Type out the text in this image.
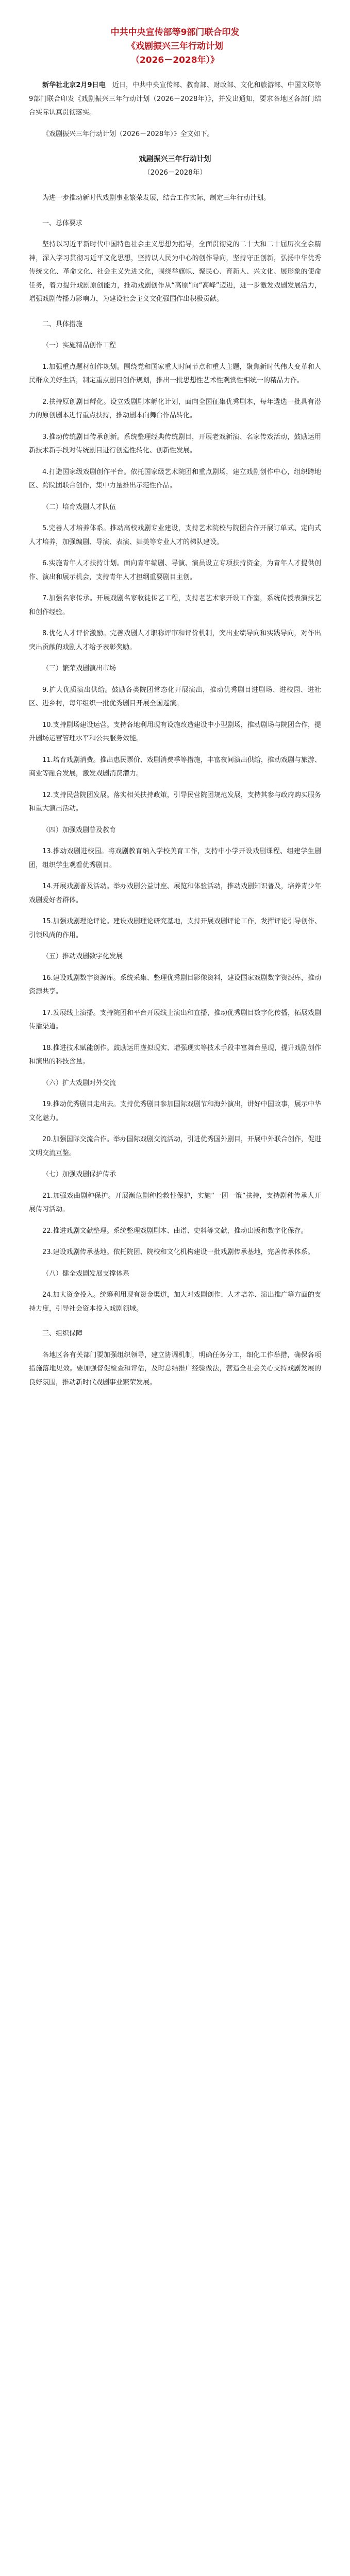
中共中央宣传部等9部门联合印发
《戏剧振兴三年行动计划
（2026－2028年）》

新华社北京2月9日电　 近日，中共中央宣传部、教育部、财政部、文化和旅游部、中国文联等9部门联合印发《戏剧振兴三年行动计划（2026－2028年）》，并发出通知，要求各地区各部门结合实际认真贯彻落实。

《戏剧振兴三年行动计划（2026－2028年）》全文如下。

戏剧振兴三年行动计划

（2026－2028年）

为进一步推动新时代戏剧事业繁荣发展，结合工作实际，制定三年行动计划。

一、总体要求

坚持以习近平新时代中国特色社会主义思想为指导，全面贯彻党的二十大和二十届历次全会精神，深入学习贯彻习近平文化思想，坚持以人民为中心的创作导向，坚持守正创新，弘扬中华优秀传统文化、革命文化、社会主义先进文化，围绕举旗帜、聚民心、育新人、兴文化、展形象的使命任务，着力提升戏剧原创能力，推动戏剧创作从“高原”向“高峰”迈进，进一步激发戏剧发展活力，增强戏剧传播力影响力，为建设社会主义文化强国作出积极贡献。

二、具体措施

（一）实施精品创作工程

1.加强重点题材创作规划。围绕党和国家重大时间节点和重大主题，聚焦新时代伟大变革和人民群众美好生活，制定重点剧目创作规划，推出一批思想性艺术性观赏性相统一的精品力作。

2.扶持原创剧目孵化。设立戏剧剧本孵化计划，面向全国征集优秀剧本，每年遴选一批具有潜力的原创剧本进行重点扶持，推动剧本向舞台作品转化。

3.推动传统剧目传承创新。系统整理经典传统剧目，开展老戏新演、名家传戏活动，鼓励运用新技术新手段对传统剧目进行创造性转化、创新性发展。

4.打造国家级戏剧创作平台。依托国家级艺术院团和重点剧场，建立戏剧创作中心，组织跨地区、跨院团联合创作，集中力量推出示范性作品。

（二）培育戏剧人才队伍

5.完善人才培养体系。推动高校戏剧专业建设，支持艺术院校与院团合作开展订单式、定向式人才培养，加强编剧、导演、表演、舞美等专业人才的梯队建设。

6.实施青年人才扶持计划。面向青年编剧、导演、演员设立专项扶持资金，为青年人才提供创作、演出和展示机会，支持青年人才担纲重要剧目主创。

7.加强名家传承。开展戏剧名家收徒传艺工程，支持老艺术家开设工作室，系统传授表演技艺和创作经验。

8.优化人才评价激励。完善戏剧人才职称评审和评价机制，突出业绩导向和实践导向，对作出突出贡献的戏剧人才给予表彰奖励。

（三）繁荣戏剧演出市场

9.扩大优质演出供给。鼓励各类院团常态化开展演出，推动优秀剧目进剧场、进校园、进社区、进乡村，每年组织一批优秀剧目开展全国巡演。

10.支持剧场建设运营。支持各地利用现有设施改造建设中小型剧场，推动剧场与院团合作，提升剧场运营管理水平和公共服务效能。

11.培育戏剧消费。推出惠民票价、戏剧消费季等措施，丰富夜间演出供给，推动戏剧与旅游、商业等融合发展，激发戏剧消费潜力。

12.支持民营院团发展。落实相关扶持政策，引导民营院团规范发展，支持其参与政府购买服务和重大演出活动。

（四）加强戏剧普及教育

13.推动戏剧进校园。将戏剧教育纳入学校美育工作，支持中小学开设戏剧课程、组建学生剧团，组织学生观看优秀剧目。

14.开展戏剧普及活动。举办戏剧公益讲座、展览和体验活动，推动戏剧知识普及，培养青少年戏剧爱好者群体。

15.加强戏剧理论评论。建设戏剧理论研究基地，支持开展戏剧评论工作，发挥评论引导创作、引领风尚的作用。

（五）推动戏剧数字化发展

16.建设戏剧数字资源库。系统采集、整理优秀剧目影像资料，建设国家戏剧数字资源库，推动资源共享。

17.发展线上演播。支持院团和平台开展线上演出和直播，推动优秀剧目数字化传播，拓展戏剧传播渠道。

18.推进技术赋能创作。鼓励运用虚拟现实、增强现实等技术手段丰富舞台呈现，提升戏剧创作和演出的科技含量。

（六）扩大戏剧对外交流

19.推动优秀剧目走出去。支持优秀剧目参加国际戏剧节和海外演出，讲好中国故事，展示中华文化魅力。

20.加强国际交流合作。举办国际戏剧交流活动，引进优秀国外剧目，开展中外联合创作，促进文明交流互鉴。

（七）加强戏剧保护传承

21.加强戏曲剧种保护。开展濒危剧种抢救性保护，实施“一团一策”扶持，支持剧种传承人开展传习活动。

22.推进戏剧文献整理。系统整理戏剧剧本、曲谱、史料等文献，推动出版和数字化保存。

23.建设戏剧传承基地。依托院团、院校和文化机构建设一批戏剧传承基地，完善传承体系。

（八）健全戏剧发展支撑体系

24.加大资金投入。统筹利用现有资金渠道，加大对戏剧创作、人才培养、演出推广等方面的支持力度，引导社会资本投入戏剧领域。

三、组织保障

各地区各有关部门要加强组织领导，建立协调机制，明确任务分工，细化工作举措，确保各项措施落地见效。要加强督促检查和评估，及时总结推广经验做法，营造全社会关心支持戏剧发展的良好氛围，推动新时代戏剧事业繁荣发展。
